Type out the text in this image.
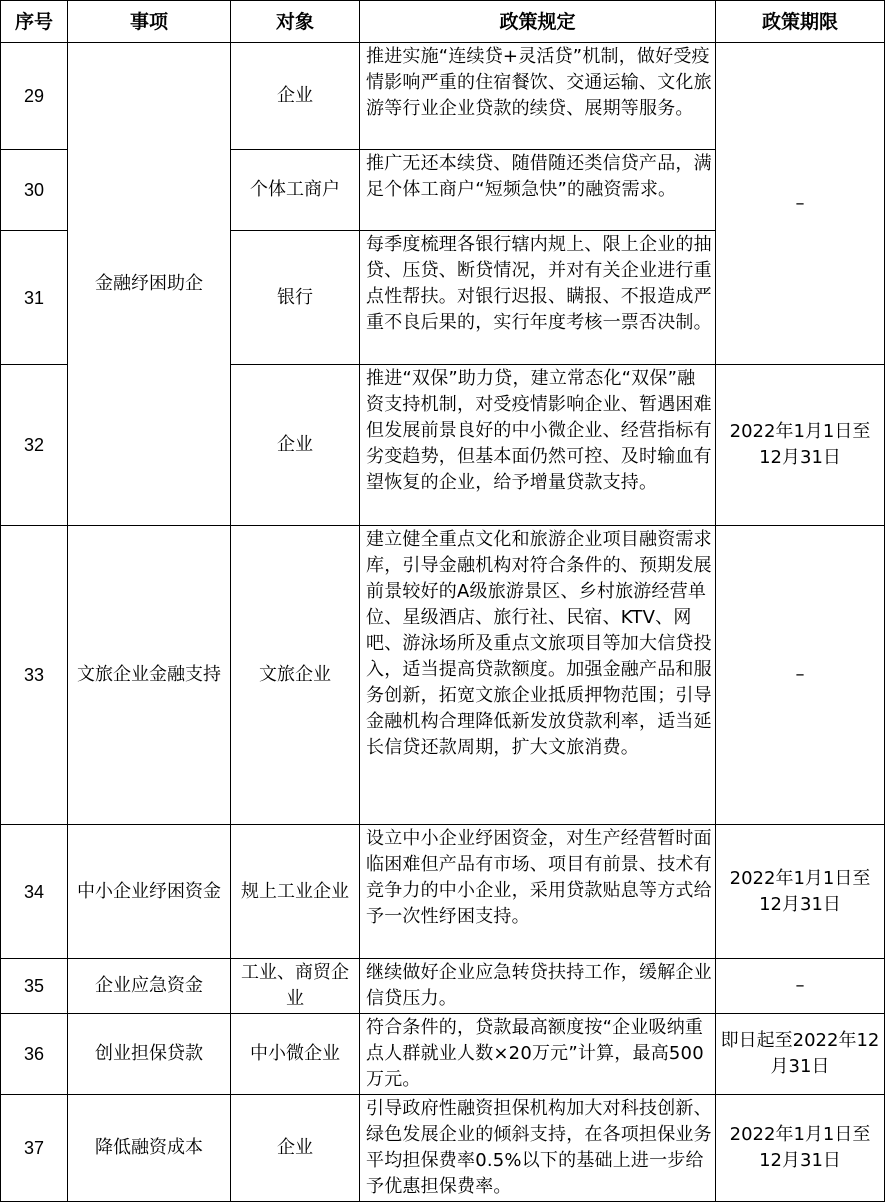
序号	事项	对象	政策规定	政策期限
29	金融纾困助企	企业	推进实施“连续贷+灵活贷”机制，做好受疫情影响严重的住宿餐饮、交通运输、文化旅游等行业企业贷款的续贷、展期等服务。	–
30		个体工商户	推广无还本续贷、随借随还类信贷产品，满足个体工商户“短频急快”的融资需求。	
31		银行	每季度梳理各银行辖内规上、限上企业的抽贷、压贷、断贷情况，并对有关企业进行重点性帮扶。对银行迟报、瞒报、不报造成严重不良后果的，实行年度考核一票否决制。	
32		企业	推进“双保”助力贷，建立常态化“双保”融资支持机制，对受疫情影响企业、暂遇困难但发展前景良好的中小微企业、经营指标有劣变趋势，但基本面仍然可控、及时输血有望恢复的企业，给予增量贷款支持。	2022年1月1日至12月31日
33	文旅企业金融支持	文旅企业	建立健全重点文化和旅游企业项目融资需求库，引导金融机构对符合条件的、预期发展前景较好的A级旅游景区、乡村旅游经营单位、星级酒店、旅行社、民宿、KTV、网吧、游泳场所及重点文旅项目等加大信贷投入，适当提高贷款额度。加强金融产品和服务创新，拓宽文旅企业抵质押物范围；引导金融机构合理降低新发放贷款利率，适当延长信贷还款周期，扩大文旅消费。	–
34	中小企业纾困资金	规上工业企业	设立中小企业纾困资金，对生产经营暂时面临困难但产品有市场、项目有前景、技术有竞争力的中小企业，采用贷款贴息等方式给予一次性纾困支持。	2022年1月1日至12月31日
35	企业应急资金	工业、商贸企业	继续做好企业应急转贷扶持工作，缓解企业信贷压力。	–
36	创业担保贷款	中小微企业	符合条件的，贷款最高额度按“企业吸纳重点人群就业人数×20万元”计算，最高500万元。	即日起至2022年12月31日
37	降低融资成本	企业	引导政府性融资担保机构加大对科技创新、绿色发展企业的倾斜支持，在各项担保业务平均担保费率0.5%以下的基础上进一步给予优惠担保费率。	2022年1月1日至12月31日
